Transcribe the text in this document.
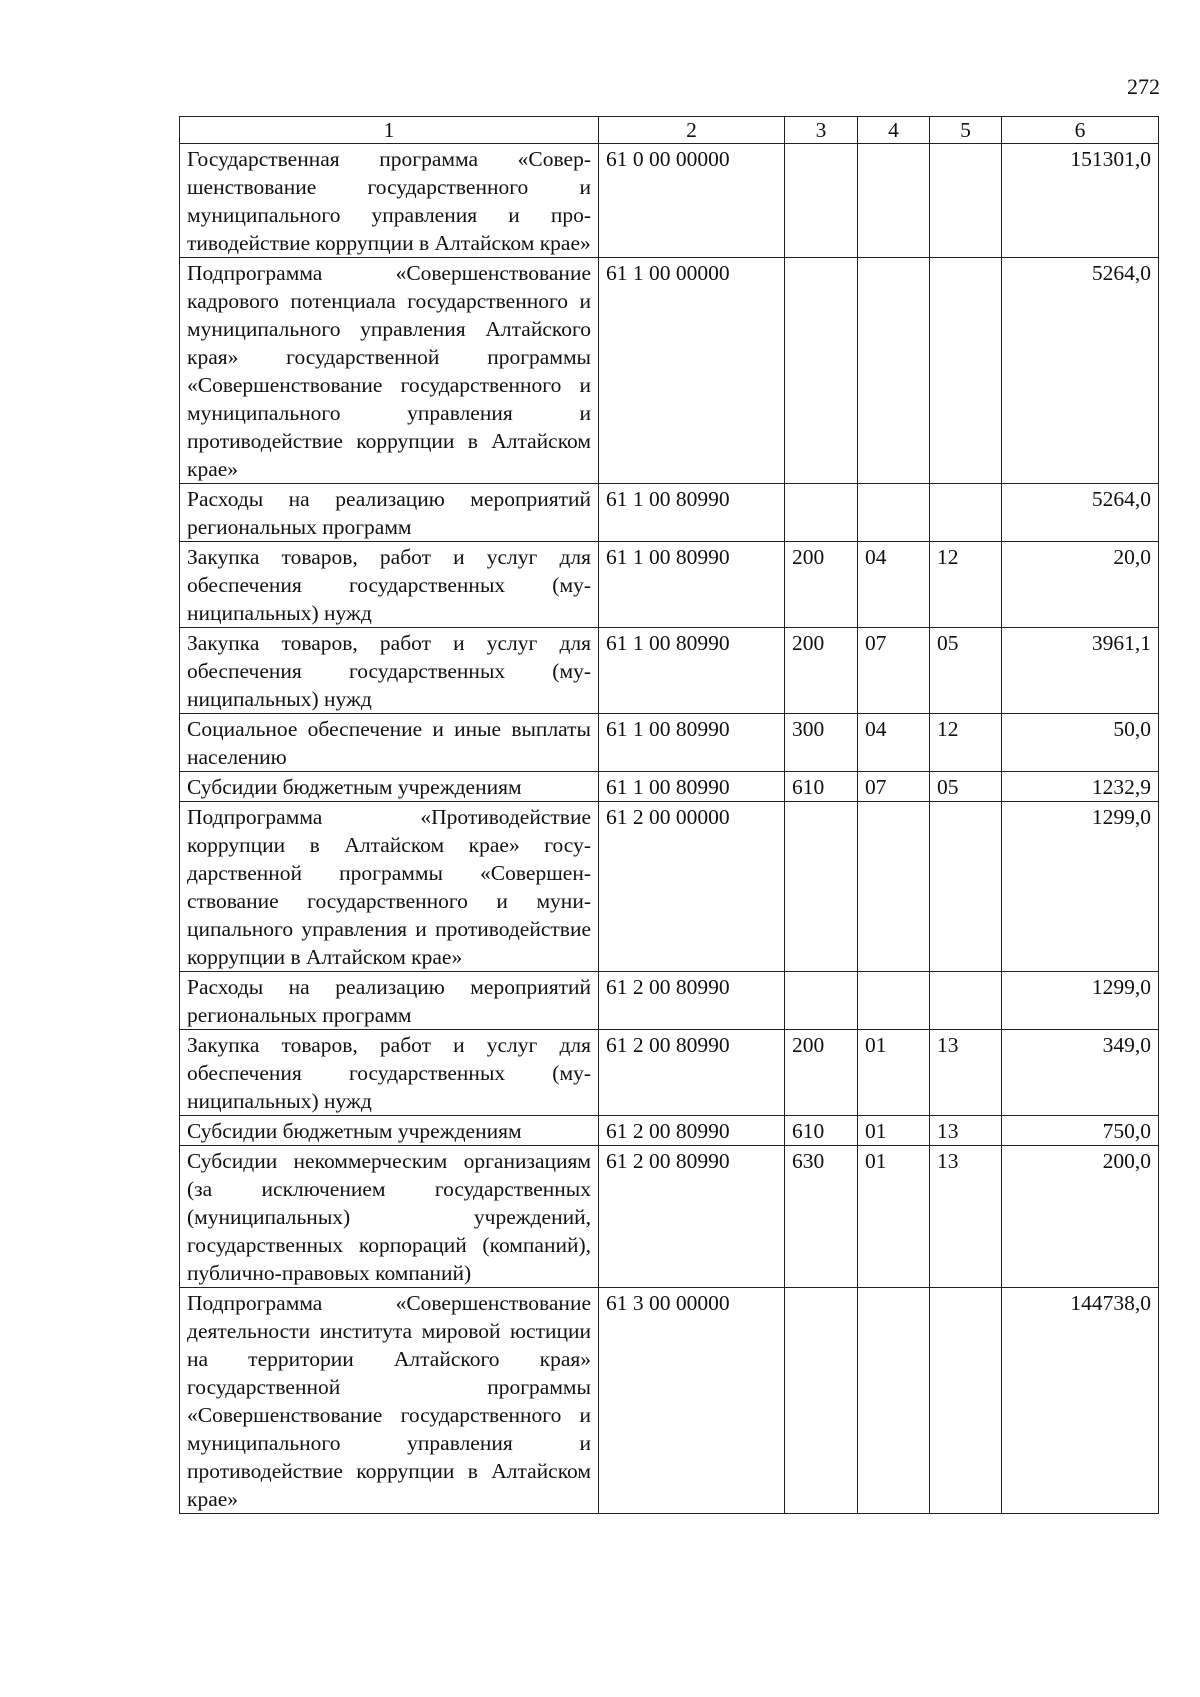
272
1	2	3	4	5	6
Государственная программа «Совершенствование государственного и муниципального управления и противодействие коррупции в Алтайском крае»	61 0 00 00000				151301,0
Подпрограмма «Совершенствование кадрового потенциала государственного и муниципального управления Алтайского края» государственной программы «Совершенствование государственного и муниципального управления и противодействие коррупции в Алтайском крае»	61 1 00 00000				5264,0
Расходы на реализацию мероприятий региональных программ	61 1 00 80990				5264,0
Закупка товаров, работ и услуг для обеспечения государственных (муниципальных) нужд	61 1 00 80990	200	04	12	20,0
Закупка товаров, работ и услуг для обеспечения государственных (муниципальных) нужд	61 1 00 80990	200	07	05	3961,1
Социальное обеспечение и иные выплаты населению	61 1 00 80990	300	04	12	50,0
Субсидии бюджетным учреждениям	61 1 00 80990	610	07	05	1232,9
Подпрограмма «Противодействие коррупции в Алтайском крае» государственной программы «Совершенствование государственного и муниципального управления и противодействие коррупции в Алтайском крае»	61 2 00 00000				1299,0
Расходы на реализацию мероприятий региональных программ	61 2 00 80990				1299,0
Закупка товаров, работ и услуг для обеспечения государственных (муниципальных) нужд	61 2 00 80990	200	01	13	349,0
Субсидии бюджетным учреждениям	61 2 00 80990	610	01	13	750,0
Субсидии некоммерческим организациям (за исключением государственных (муниципальных) учреждений, государственных корпораций (компаний), публично-правовых компаний)	61 2 00 80990	630	01	13	200,0
Подпрограмма «Совершенствование деятельности института мировой юстиции на территории Алтайского края» государственной программы «Совершенствование государственного и муниципального управления и противодействие коррупции в Алтайском крае»	61 3 00 00000				144738,0
